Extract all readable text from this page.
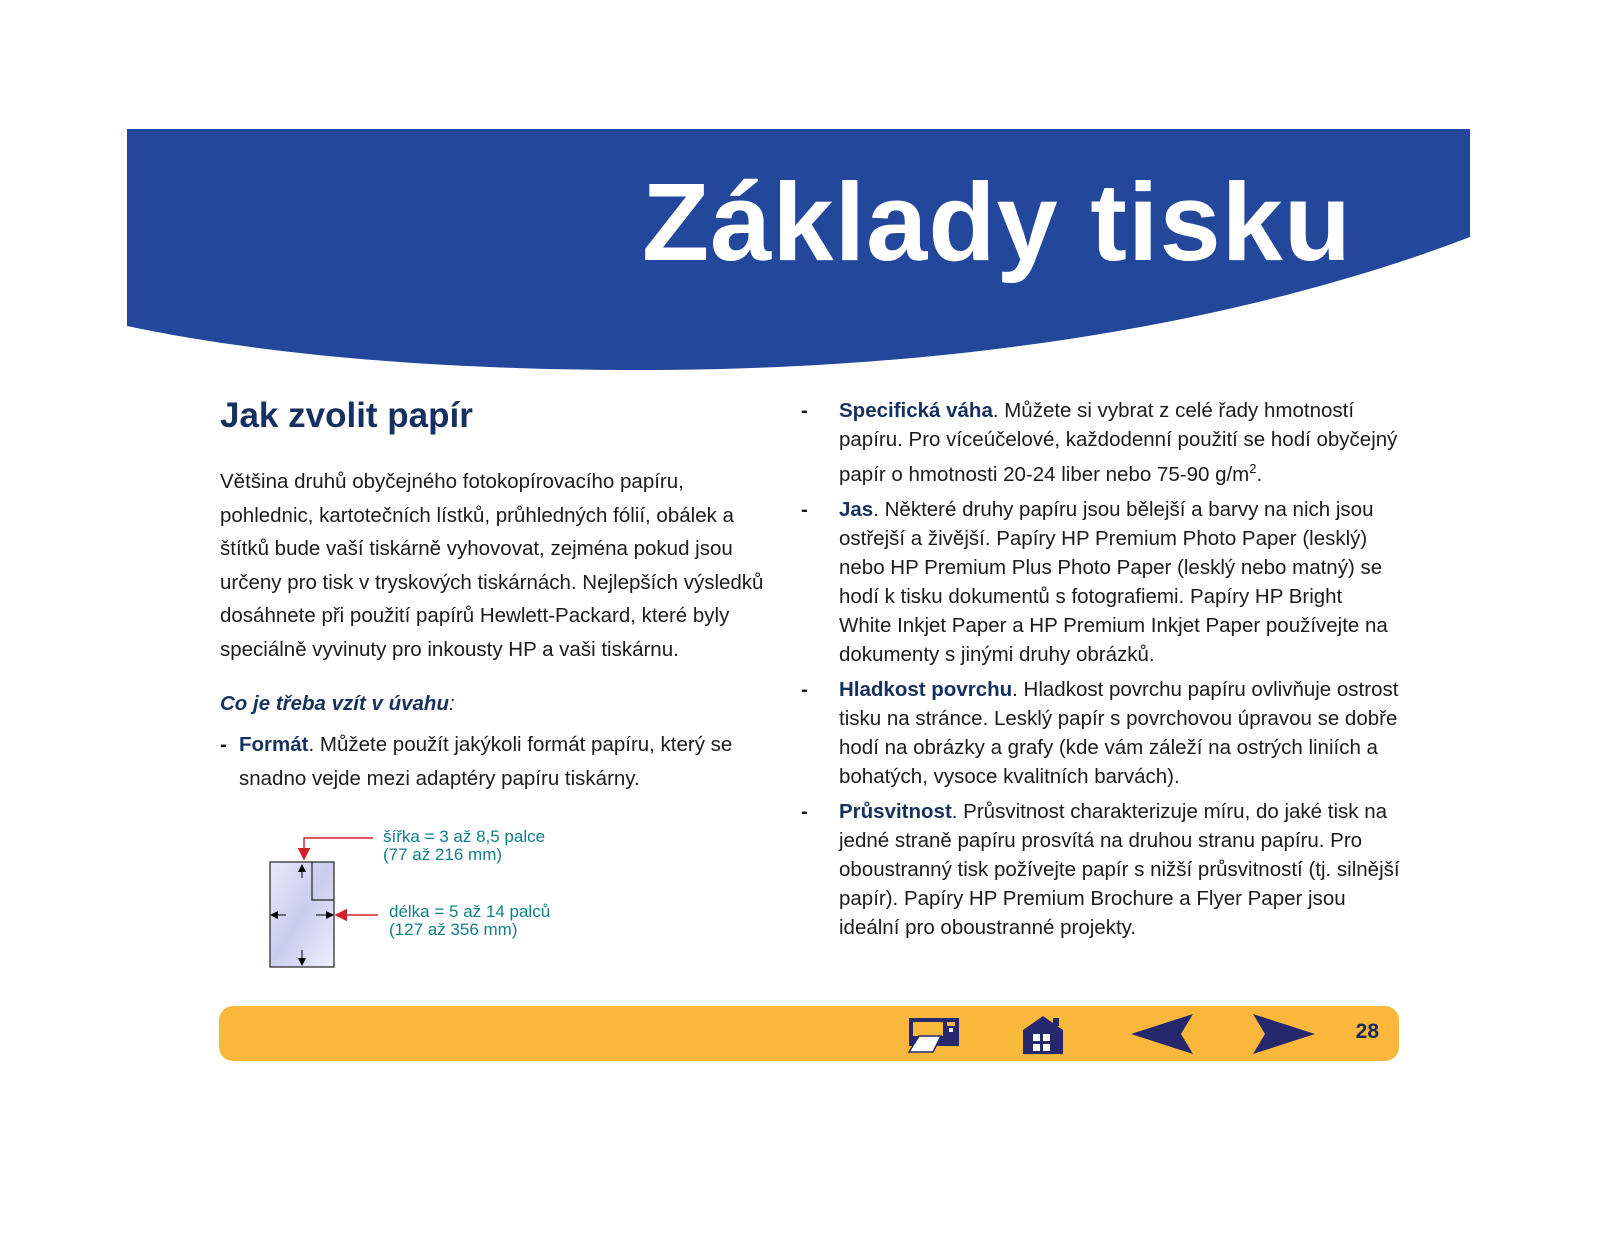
Základy tisku
Jak zvolit papír

Většina druhů obyčejného fotokopírovacího papíru, pohlednic, kartotečních lístků, průhledných fólií, obálek a štítků bude vaší tiskárně vyhovovat, zejména pokud jsou určeny pro tisk v tryskových tiskárnách. Nejlepších výsledků dosáhnete při použití papírů Hewlett-Packard, které byly speciálně vyvinuty pro inkousty HP a vaši tiskárnu.

Co je třeba vzít v úvahu:
- Formát. Můžete použít jakýkoli formát papíru, který se snadno vejde mezi adaptéry papíru tiskárny.
šířka = 3 až 8,5 palce
(77 až 216 mm)
délka = 5 až 14 palců
(127 až 356 mm)
- Specifická váha. Můžete si vybrat z celé řady hmotností papíru. Pro víceúčelové, každodenní použití se hodí obyčejný papír o hmotnosti 20-24 liber nebo 75-90 $g/m^2$.
- Jas. Některé druhy papíru jsou bělejší a barvy na nich jsou ostřejší a živější. Papíry HP Premium Photo Paper (lesklý) nebo HP Premium Plus Photo Paper (lesklý nebo matný) se hodí k tisku dokumentů s fotografiemi. Papíry HP Bright White Inkjet Paper a HP Premium Inkjet Paper používejte na dokumenty s jinými druhy obrázků.
- Hladkost povrchu. Hladkost povrchu papíru ovlivňuje ostrost tisku na stránce. Lesklý papír s povrchovou úpravou se dobře hodí na obrázky a grafy (kde vám záleží na ostrých liniích a bohatých, vysoce kvalitních barvách).
- Průsvitnost. Průsvitnost charakterizuje míru, do jaké tisk na jedné straně papíru prosvítá na druhou stranu papíru. Pro oboustranný tisk požívejte papír s nižší průsvitností (tj. silnější papír). Papíry HP Premium Brochure a Flyer Paper jsou ideální pro oboustranné projekty.
28
